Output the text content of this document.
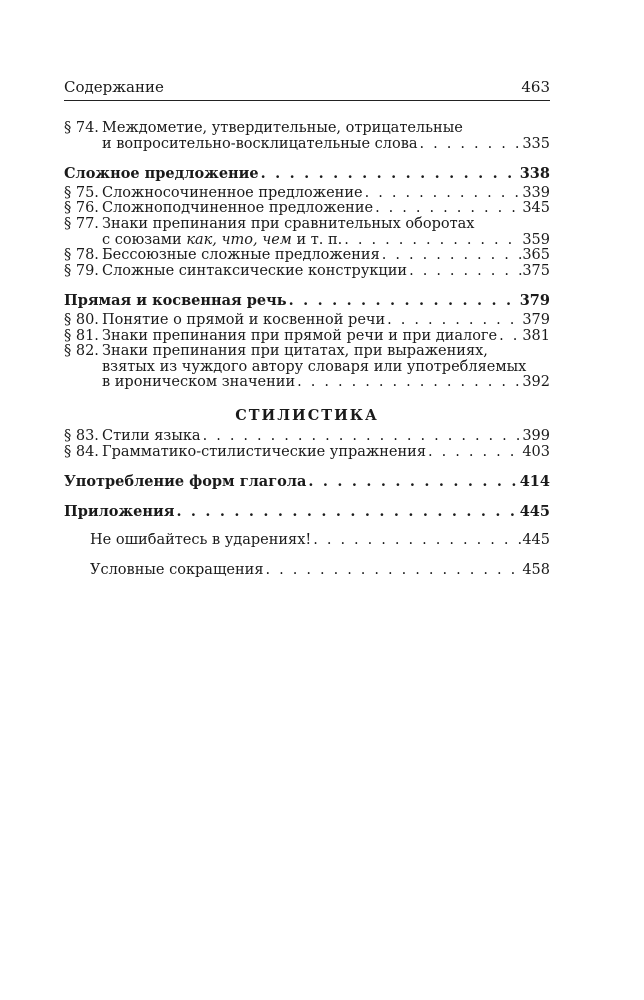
Содержание	463
§ 74. Междометие, утвердительные, отрицательные
и вопросительно-восклицательные слова . . .	335
Сложное предложение . . .	338
§ 75. Сложносочиненное предложение . . .	339
§ 76. Сложноподчиненное предложение . . .	345
§ 77. Знаки препинания при сравнительных оборотах
с союзами как, что, чем и т. п. . . .	359
§ 78. Бессоюзные сложные предложения . . .	365
§ 79. Сложные синтаксические конструкции . . .	375
Прямая и косвенная речь . . .	379
§ 80. Понятие о прямой и косвенной речи . . .	379
§ 81. Знаки препинания при прямой речи и при диалоге . . . 381
§ 82. Знаки препинания при цитатах, при выражениях,
взятых из чуждого автору словаря или употребляемых
в ироническом значении . . .	392
СТИЛИСТИКА
§ 83. Стили языка . . .	399
§ 84. Грамматико-стилистические упражнения . . .	403
Употребление форм глагола . . .	414
Приложения . . .	445
Не ошибайтесь в ударениях! . . .	445
Условные сокращения . . .	458
